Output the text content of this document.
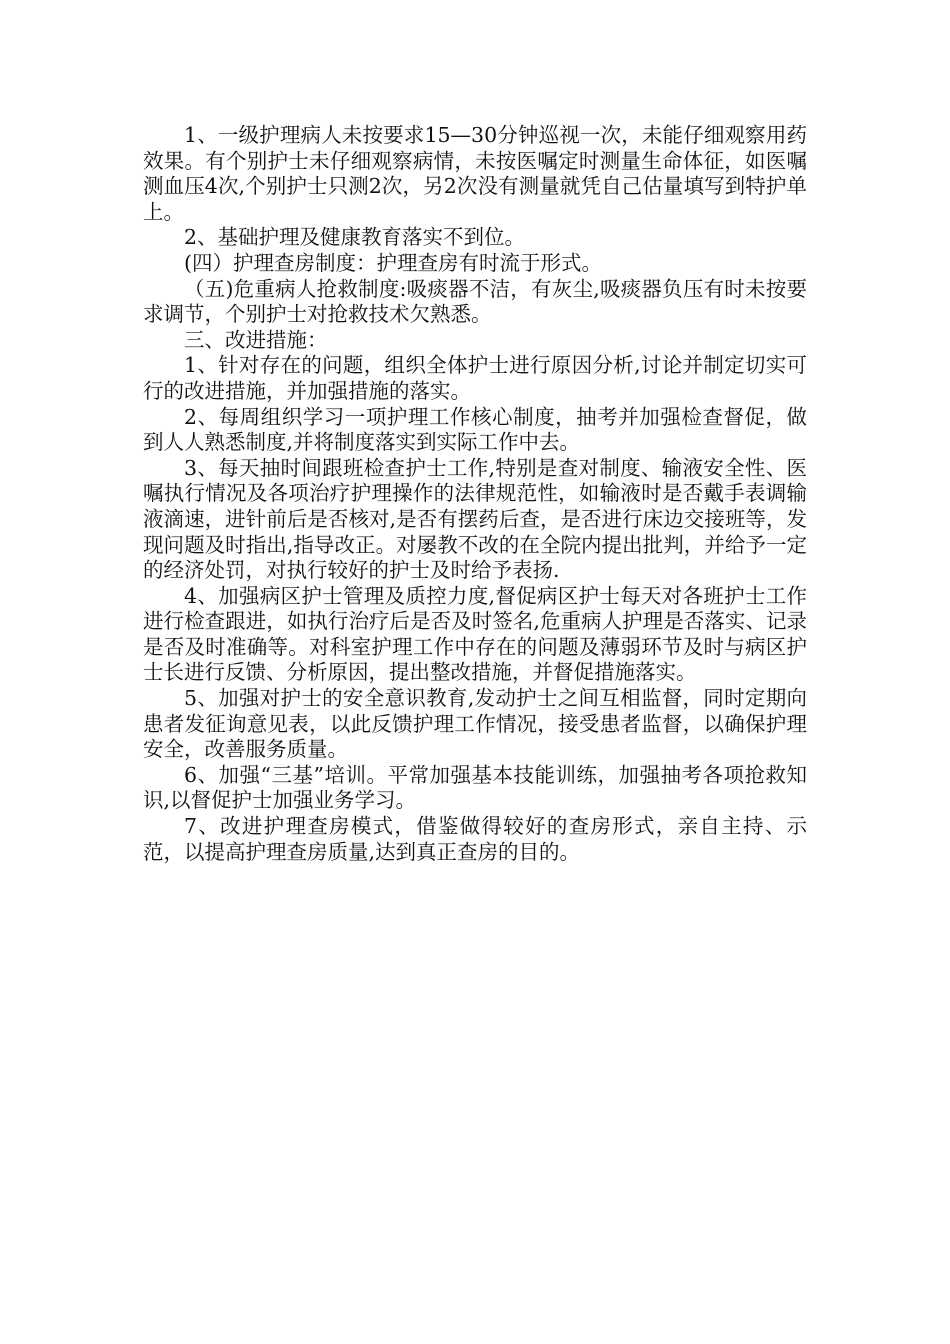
1、一级护理病人未按要求15—30分钟巡视一次，未能仔细观察用药效果。有个别护士未仔细观察病情，未按医嘱定时测量生命体征，如医嘱测血压4次,个别护士只测2次，另2次没有测量就凭自己估量填写到特护单上。

2、基础护理及健康教育落实不到位。

(四）护理查房制度：护理查房有时流于形式。

（五)危重病人抢救制度:吸痰器不洁，有灰尘,吸痰器负压有时未按要求调节，个别护士对抢救技术欠熟悉。

三、改进措施：

1、针对存在的问题，组织全体护士进行原因分析,讨论并制定切实可行的改进措施，并加强措施的落实。

2、每周组织学习一项护理工作核心制度，抽考并加强检查督促，做到人人熟悉制度,并将制度落实到实际工作中去。

3、每天抽时间跟班检查护士工作,特别是查对制度、输液安全性、医嘱执行情况及各项治疗护理操作的法律规范性，如输液时是否戴手表调输液滴速，进针前后是否核对,是否有摆药后查，是否进行床边交接班等，发现问题及时指出,指导改正。对屡教不改的在全院内提出批判，并给予一定的经济处罚，对执行较好的护士及时给予表扬.

4、加强病区护士管理及质控力度,督促病区护士每天对各班护士工作进行检查跟进，如执行治疗后是否及时签名,危重病人护理是否落实、记录是否及时准确等。对科室护理工作中存在的问题及薄弱环节及时与病区护士长进行反馈、分析原因，提出整改措施，并督促措施落实。

5、加强对护士的安全意识教育,发动护士之间互相监督，同时定期向患者发征询意见表，以此反馈护理工作情况，接受患者监督，以确保护理安全，改善服务质量。

6、加强“三基”培训。平常加强基本技能训练，加强抽考各项抢救知识,以督促护士加强业务学习。

7、改进护理查房模式，借鉴做得较好的查房形式，亲自主持、示范，以提高护理查房质量,达到真正查房的目的。
